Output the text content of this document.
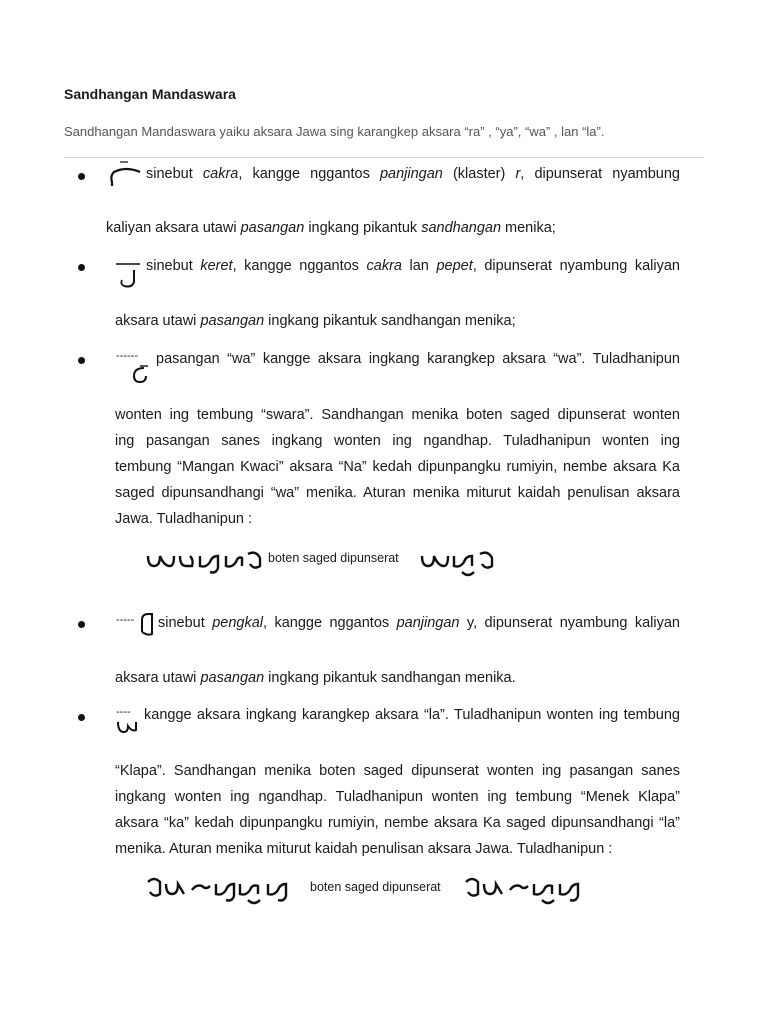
Sandhangan Mandaswara
Sandhangan Mandaswara yaiku aksara Jawa sing karangkep aksara “ra” , “ya”, “wa” , lan “la”.
sinebut cakra, kangge nggantos panjingan (klaster) r, dipunserat nyambung
kaliyan aksara utawi pasangan ingkang pikantuk sandhangan menika;
sinebut keret, kangge nggantos cakra lan pepet, dipunserat nyambung kaliyan
aksara utawi pasangan ingkang pikantuk sandhangan menika;
------ pasangan “wa” kangge aksara ingkang karangkep aksara “wa”. Tuladhanipun
wonten ing tembung “swara”. Sandhangan menika boten saged dipunserat wonten
ing pasangan sanes ingkang wonten ing ngandhap. Tuladhanipun wonten ing
tembung “Mangan Kwaci” aksara “Na” kedah dipunpangku rumiyin, nembe aksara Ka
saged dipunsandhangi “wa” menika. Aturan menika miturut kaidah penulisan aksara
Jawa. Tuladhanipun :
boten saged dipunserat
----- sinebut pengkal, kangge nggantos panjingan y, dipunserat nyambung kaliyan
aksara utawi pasangan ingkang pikantuk sandhangan menika.
---- kangge aksara ingkang karangkep aksara “la”. Tuladhanipun wonten ing tembung
“Klapa”. Sandhangan menika boten saged dipunserat wonten ing pasangan sanes
ingkang wonten ing ngandhap. Tuladhanipun wonten ing tembung “Menek Klapa”
aksara “ka” kedah dipunpangku rumiyin, nembe aksara Ka saged dipunsandhangi “la”
menika. Aturan menika miturut kaidah penulisan aksara Jawa. Tuladhanipun :
boten saged dipunserat
